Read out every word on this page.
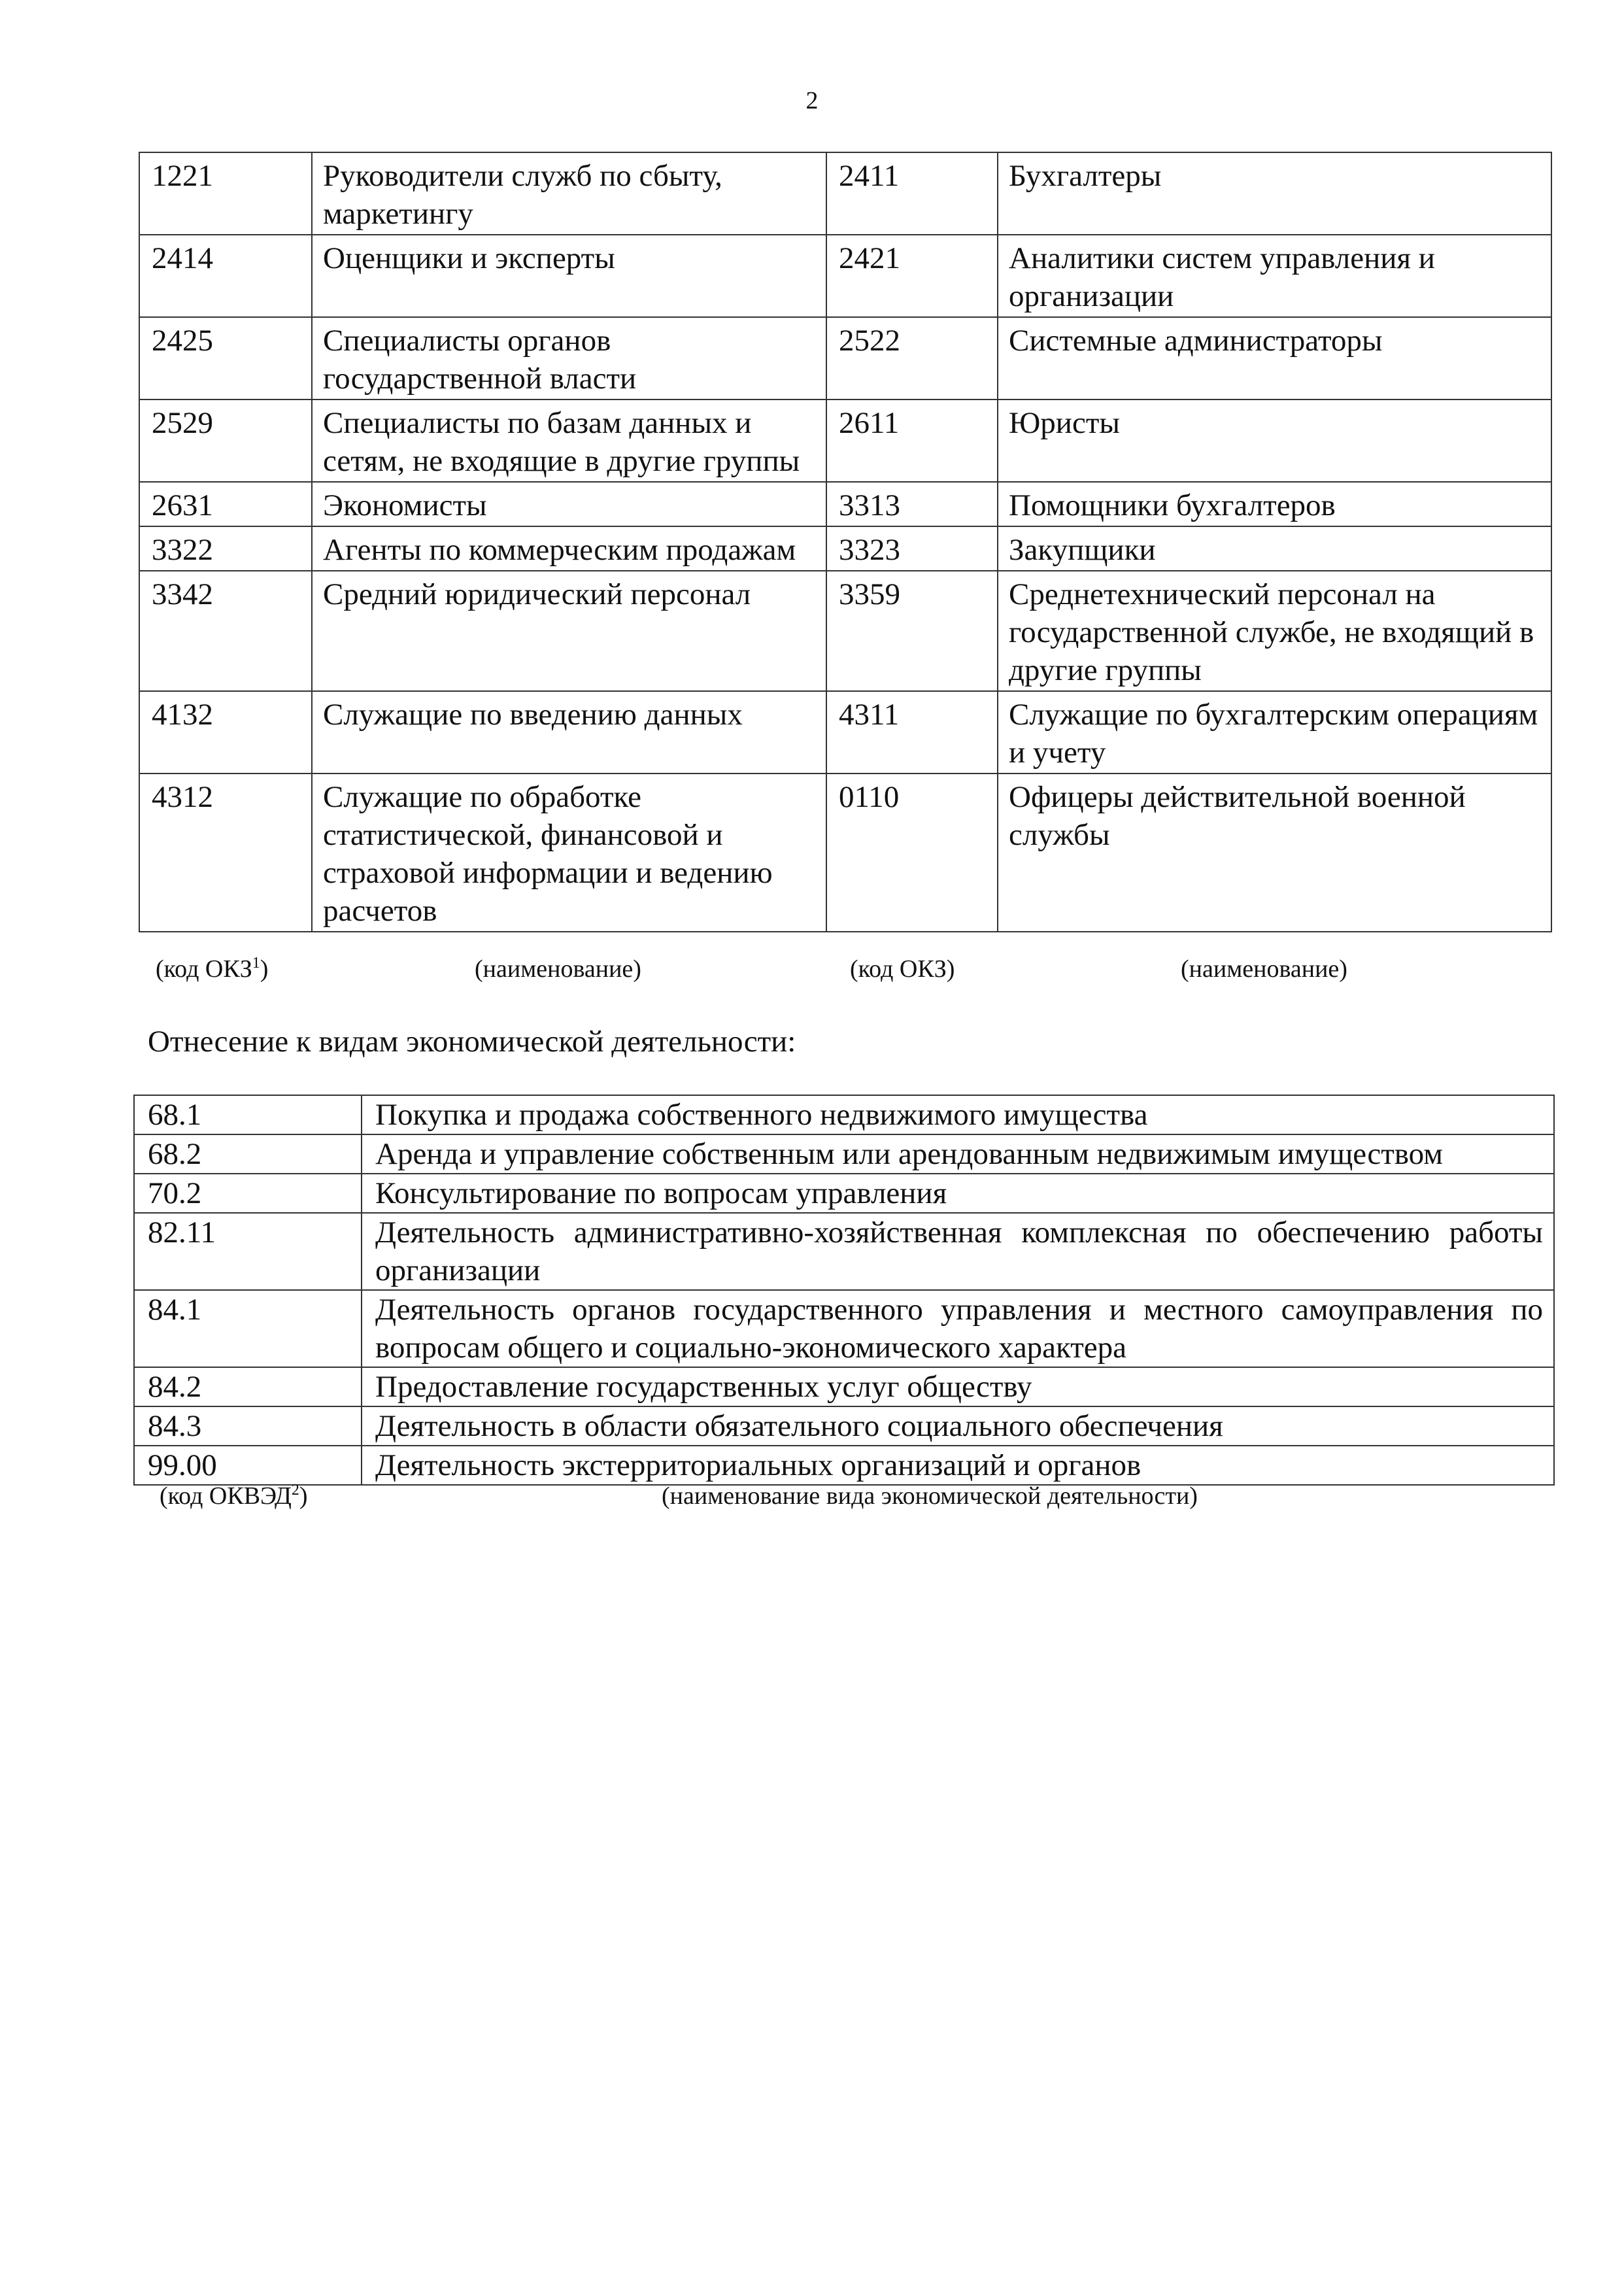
2
1221	Руководители служб по сбыту, маркетингу	2411	Бухгалтеры
2414	Оценщики и эксперты	2421	Аналитики систем управления и организации
2425	Специалисты органов государственной власти	2522	Системные администраторы
2529	Специалисты по базам данных и сетям, не входящие в другие группы	2611	Юристы
2631	Экономисты	3313	Помощники бухгалтеров
3322	Агенты по коммерческим продажам	3323	Закупщики
3342	Средний юридический персонал	3359	Среднетехнический персонал на государственной службе, не входящий в другие группы
4132	Служащие по введению данных	4311	Служащие по бухгалтерским операциям и учету
4312	Служащие по обработке статистической, финансовой и страховой информации и ведению расчетов	0110	Офицеры действительной военной службы
(код ОКЗ$^1$)	(наименование)	(код ОКЗ)	(наименование)
Отнесение к видам экономической деятельности:
68.1	Покупка и продажа собственного недвижимого имущества
68.2	Аренда и управление собственным или арендованным недвижимым имуществом
70.2	Консультирование по вопросам управления
82.11	Деятельность административно-хозяйственная комплексная по обеспечению работы организации
84.1	Деятельность органов государственного управления и местного самоуправления по вопросам общего и социально-экономического характера
84.2	Предоставление государственных услуг обществу
84.3	Деятельность в области обязательного социального обеспечения
99.00	Деятельность экстерриториальных организаций и органов
(код ОКВЭД$^2$)	(наименование вида экономической деятельности)
